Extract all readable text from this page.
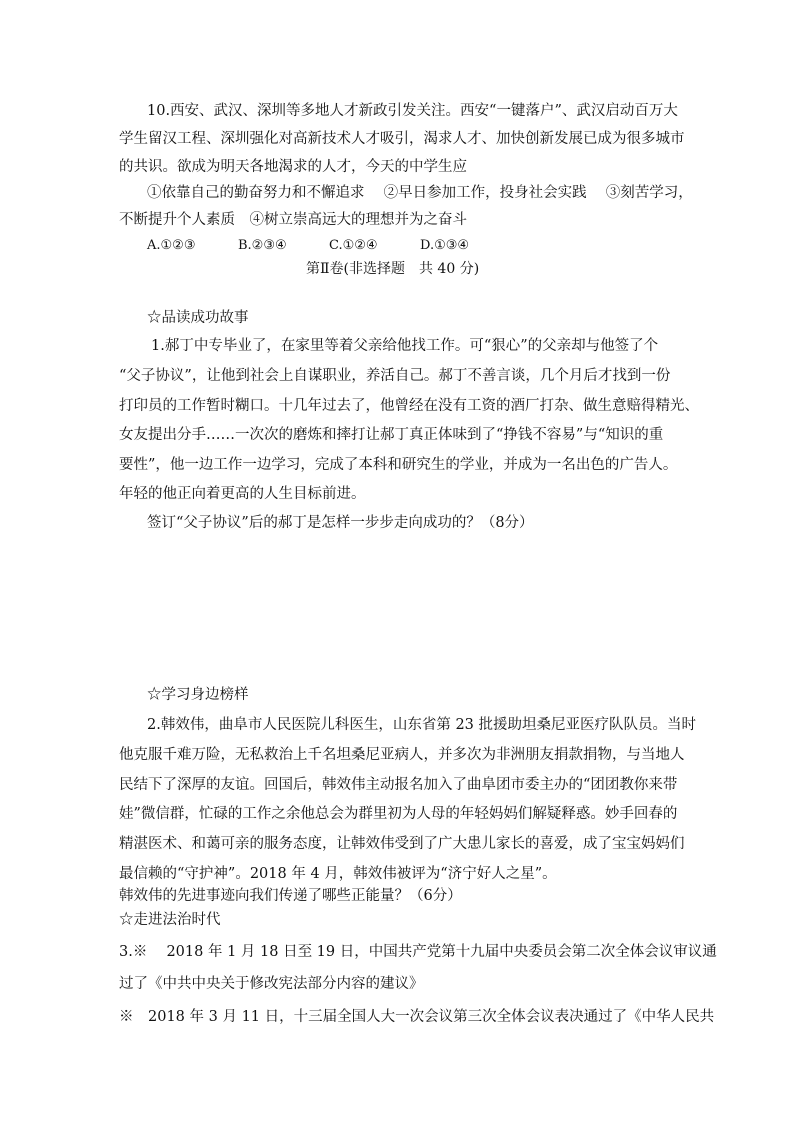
10.西安、武汉、深圳等多地人才新政引发关注。西安“一键落户”、武汉启动百万大
学生留汉工程、深圳强化对高新技术人才吸引，渴求人才、加快创新发展已成为很多城市
的共识。欲成为明天各地渴求的人才，今天的中学生应
①依靠自己的勤奋努力和不懈追求　 ②早日参加工作，投身社会实践　 ③刻苦学习，
不断提升个人素质　④树立崇高远大的理想并为之奋斗
A.①②③	B.②③④	C.①②④	D.①③④
第Ⅱ卷(非选择题　共 40 分)
☆品读成功故事
1.郝丁中专毕业了，在家里等着父亲给他找工作。可“狠心”的父亲却与他签了个
“父子协议”，让他到社会上自谋职业，养活自己。郝丁不善言谈，几个月后才找到一份
打印员的工作暂时糊口。十几年过去了，他曾经在没有工资的酒厂打杂、做生意赔得精光、
女友提出分手……一次次的磨炼和摔打让郝丁真正体味到了“挣钱不容易”与“知识的重
要性”，他一边工作一边学习，完成了本科和研究生的学业，并成为一名出色的广告人。
年轻的他正向着更高的人生目标前进。
签订“父子协议”后的郝丁是怎样一步步走向成功的？（8分）
☆学习身边榜样
2.韩效伟，曲阜市人民医院儿科医生，山东省第 23 批援助坦桑尼亚医疗队队员。当时
他克服千难万险，无私救治上千名坦桑尼亚病人，并多次为非洲朋友捐款捐物，与当地人
民结下了深厚的友谊。回国后，韩效伟主动报名加入了曲阜团市委主办的“团团教你来带
娃”微信群，忙碌的工作之余他总会为群里初为人母的年轻妈妈们解疑释惑。妙手回春的
精湛医术、和蔼可亲的服务态度，让韩效伟受到了广大患儿家长的喜爱，成了宝宝妈妈们
最信赖的“守护神”。2018 年 4 月，韩效伟被评为“济宁好人之星”。
韩效伟的先进事迹向我们传递了哪些正能量？（6分）
☆走进法治时代
3.※　 2018 年 1 月 18 日至 19 日，中国共产党第十九届中央委员会第二次全体会议审议通
过了《中共中央关于修改宪法部分内容的建议》
※　2018 年 3 月 11 日，十三届全国人大一次会议第三次全体会议表决通过了《中华人民共
